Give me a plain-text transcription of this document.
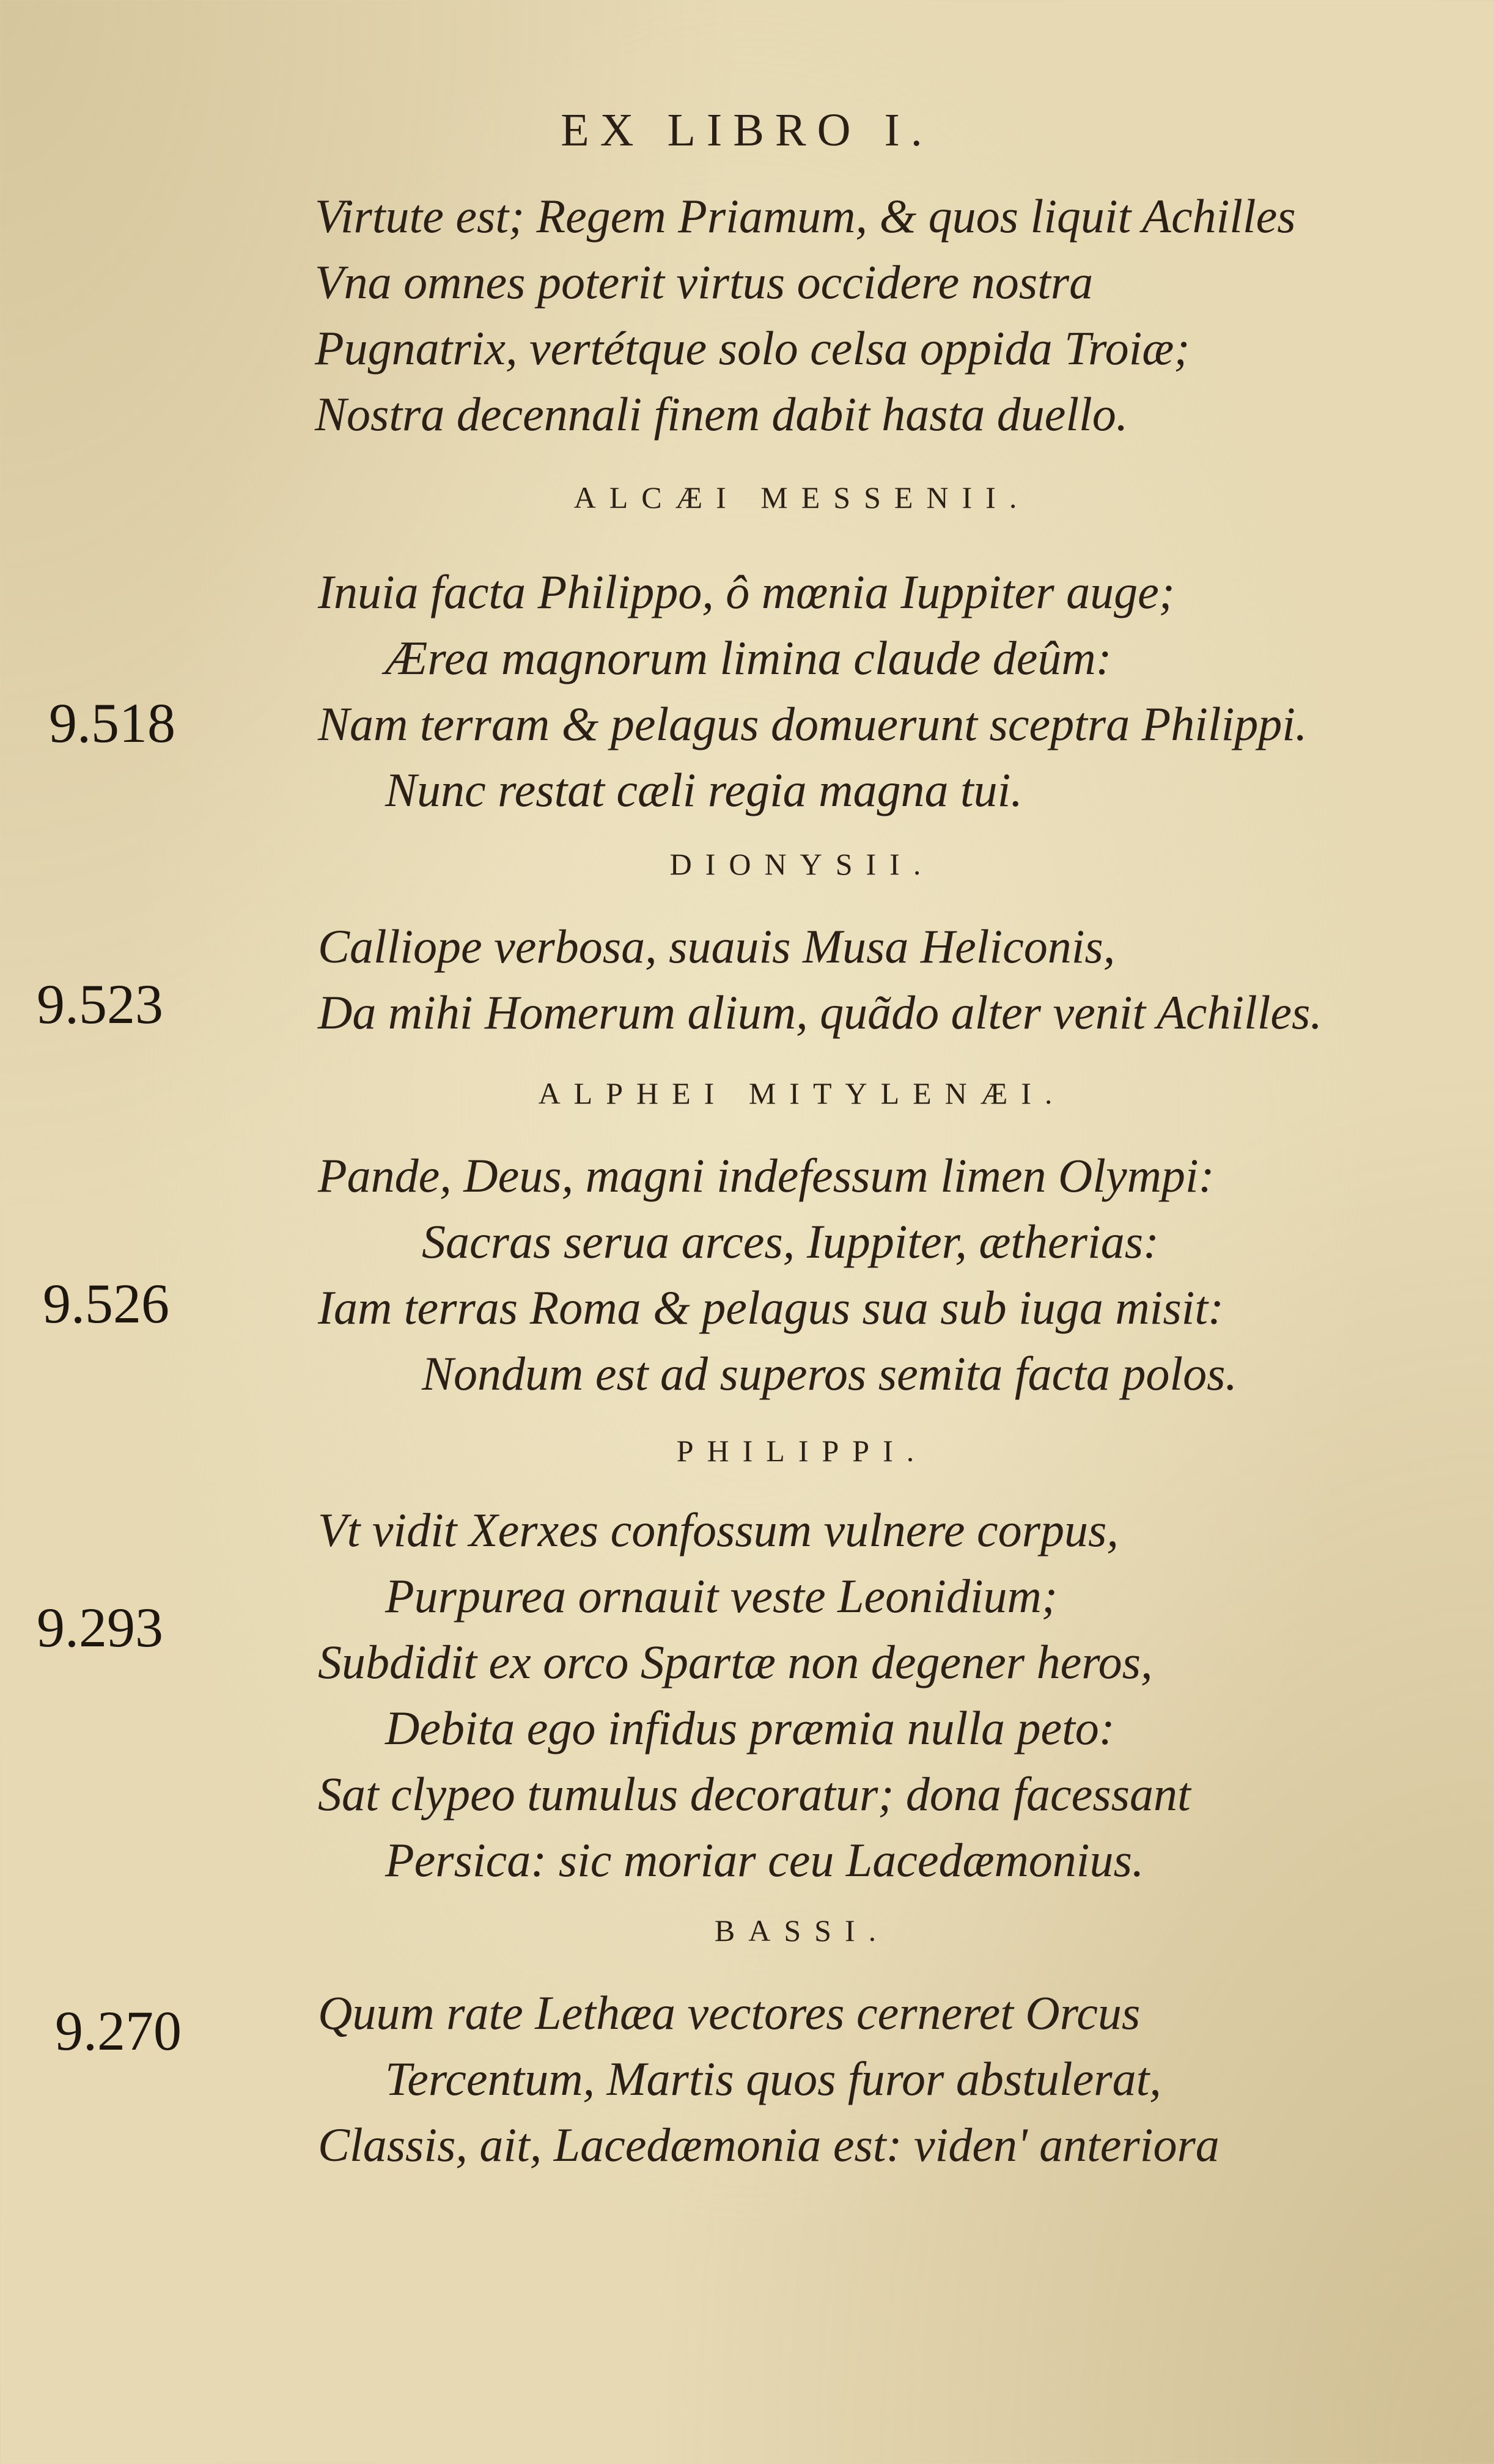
EX LIBRO I.
Virtute est; Regem Priamum, & quos liquit Achilles
Vna omnes poterit virtus occidere nostra
Pugnatrix, vertétque solo celsa oppida Troiæ;
Nostra decennali finem dabit hasta duello.
ALCÆI MESSENII.
Inuia facta Philippo, ô mœnia Iuppiter auge;
Ærea magnorum limina claude deûm:
Nam terram & pelagus domuerunt sceptra Philippi.
Nunc restat cæli regia magna tui.
9.518
DIONYSII.
Calliope verbosa, suauis Musa Heliconis,
Da mihi Homerum alium, quãdo alter venit Achilles.
9.523
ALPHEI MITYLENÆI.
Pande, Deus, magni indefessum limen Olympi:
Sacras serua arces, Iuppiter, ætherias:
Iam terras Roma & pelagus sua sub iuga misit:
Nondum est ad superos semita facta polos.
9.526
PHILIPPI.
Vt vidit Xerxes confossum vulnere corpus,
Purpurea ornauit veste Leonidium;
Subdidit ex orco Spartæ non degener heros,
Debita ego infidus præmia nulla peto:
Sat clypeo tumulus decoratur; dona facessant
Persica: sic moriar ceu Lacedæmonius.
9.293
BASSI.
Quum rate Lethæa vectores cerneret Orcus
Tercentum, Martis quos furor abstulerat,
Classis, ait, Lacedæmonia est: viden' anteriora
9.270
